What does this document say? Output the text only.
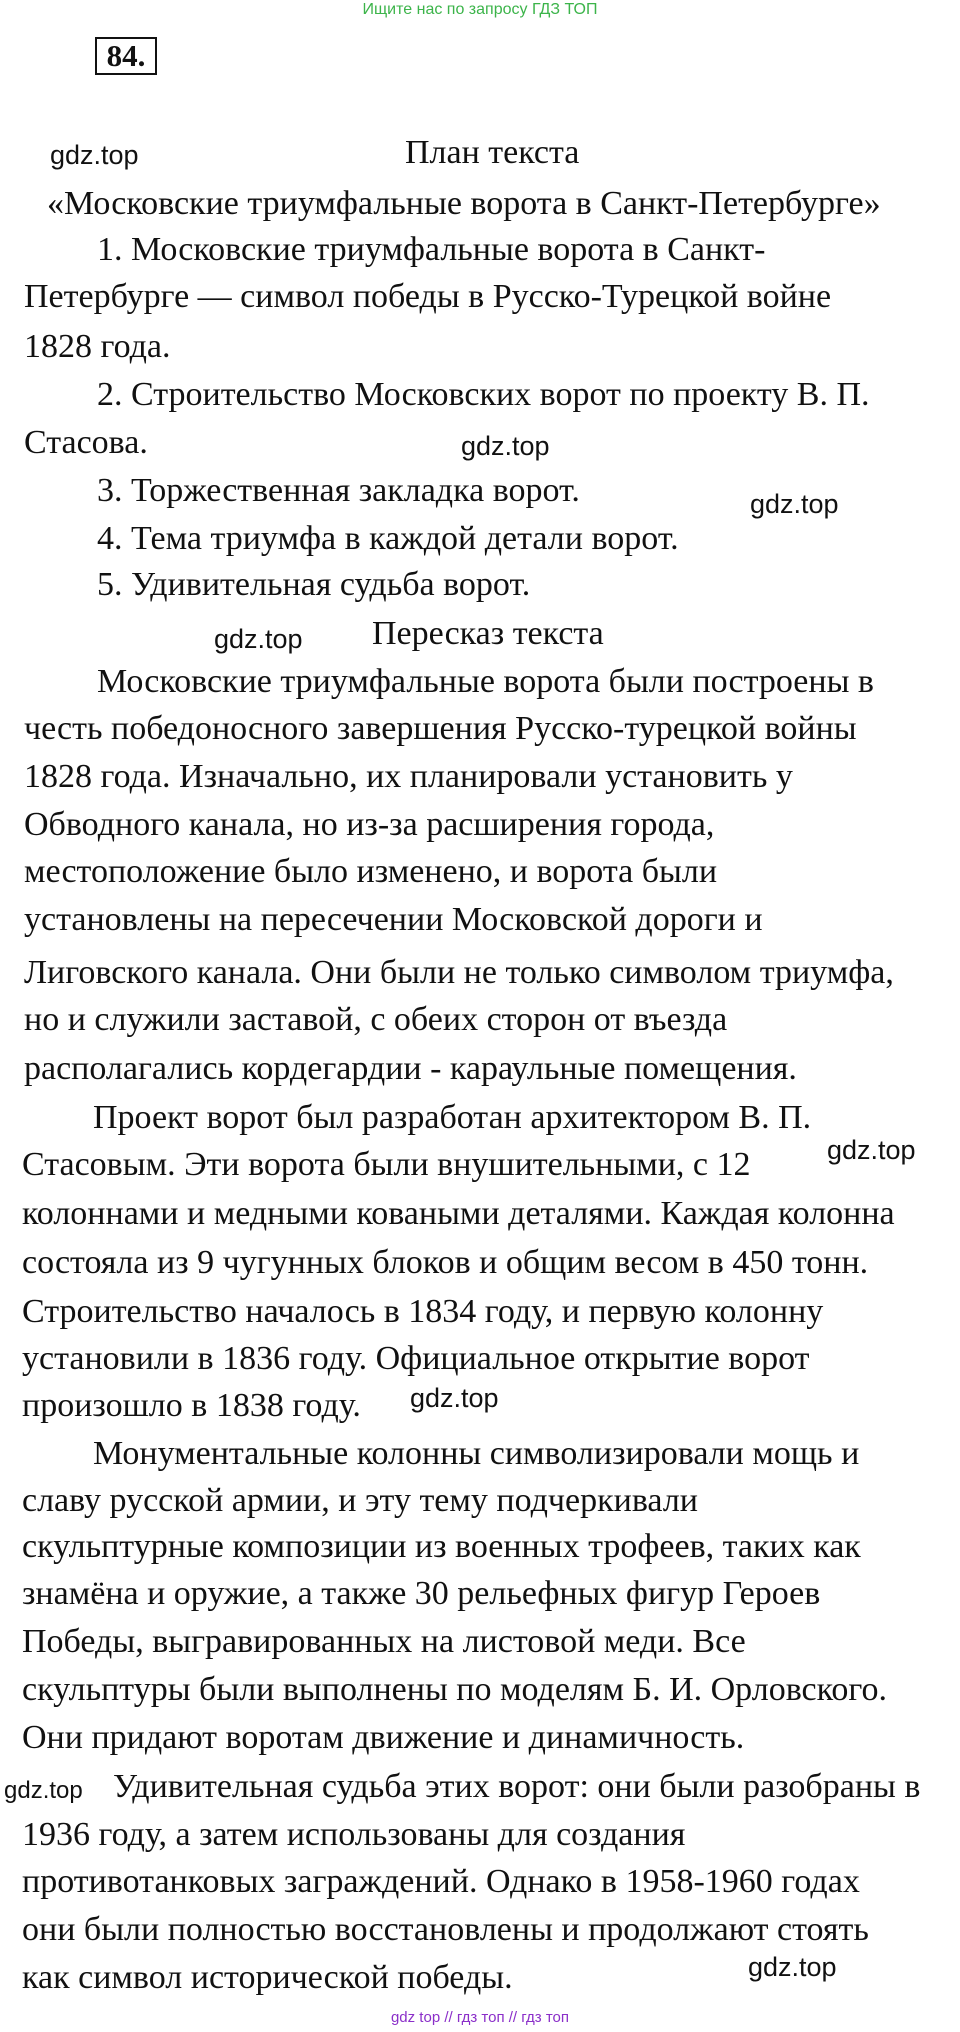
Ищите нас по запросу ГДЗ ТОП
84.
План текста
«Московские триумфальные ворота в Санкт-Петербурге»
1. Московские триумфальные ворота в Санкт-
Петербурге — символ победы в Русско-Турецкой войне
1828 года.
2. Строительство Московских ворот по проекту В. П.
Стасова.
3. Торжественная закладка ворот.
4. Тема триумфа в каждой детали ворот.
5. Удивительная судьба ворот.
Пересказ текста
Московские триумфальные ворота были построены в
честь победоносного завершения Русско-турецкой войны
1828 года. Изначально, их планировали установить у
Обводного канала, но из-за расширения города,
местоположение было изменено, и ворота были
установлены на пересечении Московской дороги и
Лиговского канала. Они были не только символом триумфа,
но и служили заставой, с обеих сторон от въезда
располагались кордегардии - караульные помещения.
Проект ворот был разработан архитектором В. П.
Стасовым. Эти ворота были внушительными, с 12
колоннами и медными коваными деталями. Каждая колонна
состояла из 9 чугунных блоков и общим весом в 450 тонн.
Строительство началось в 1834 году, и первую колонну
установили в 1836 году. Официальное открытие ворот
произошло в 1838 году.
Монументальные колонны символизировали мощь и
славу русской армии, и эту тему подчеркивали
скульптурные композиции из военных трофеев, таких как
знамёна и оружие, а также 30 рельефных фигур Героев
Победы, выгравированных на листовой меди. Все
скульптуры были выполнены по моделям Б. И. Орловского.
Они придают воротам движение и динамичность.
Удивительная судьба этих ворот: они были разобраны в
1936 году, а затем использованы для создания
противотанковых заграждений. Однако в 1958-1960 годах
они были полностью восстановлены и продолжают стоять
как символ исторической победы.
gdz.top
gdz.top
gdz.top
gdz.top
gdz.top
gdz.top
gdz.top
gdz.top
gdz top // гдз топ // гдз топ
